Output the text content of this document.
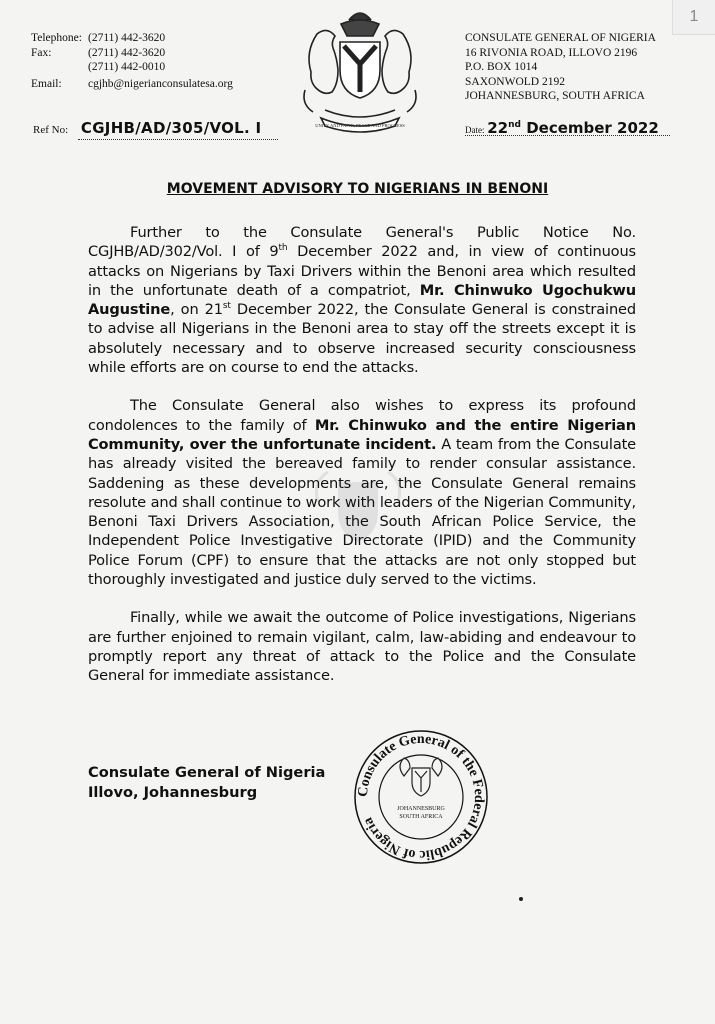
1
Telephone: (2711) 442-3620
Fax:	(2711) 442-3620
(2711) 442-0010
Email:	cgjhb@nigerianconsulatesa.org
UNITY AND FAITH, PEACE AND PROGRESS
CONSULATE GENERAL OF NIGERIA
16 RIVONIA ROAD, ILLOVO 2196
P.O. BOX 1014
SAXONWOLD 2192
JOHANNESBURG, SOUTH AFRICA
Ref No: CGJHB/AD/305/VOL. I	Date: 22nd December 2022
MOVEMENT ADVISORY TO NIGERIANS IN BENONI

Further to the Consulate General's Public Notice No. CGJHB/AD/302/Vol. I of 9th December 2022 and, in view of continuous attacks on Nigerians by Taxi Drivers within the Benoni area which resulted in the unfortunate death of a compatriot, Mr. Chinwuko Ugochukwu Augustine, on 21st December 2022, the Consulate General is constrained to advise all Nigerians in the Benoni area to stay off the streets except it is absolutely necessary and to observe increased security consciousness while efforts are on course to end the attacks.

The Consulate General also wishes to express its profound condolences to the family of Mr. Chinwuko and the entire Nigerian Community, over the unfortunate incident. A team from the Consulate has already visited the bereaved family to render consular assistance. Saddening as these developments are, the Consulate General remains resolute and shall continue to work with leaders of the Nigerian Community, Benoni Taxi Drivers Association, the South African Police Service, the Independent Police Investigative Directorate (IPID) and the Community Police Forum (CPF) to ensure that the attacks are not only stopped but thoroughly investigated and justice duly served to the victims.

Finally, while we await the outcome of Police investigations, Nigerians are further enjoined to remain vigilant, calm, law-abiding and endeavour to promptly report any threat of attack to the Police and the Consulate General for immediate assistance.

Consulate General of Nigeria
Illovo, Johannesburg	Consulate General of the Federal Republic of Nigeria
JOHANNESBURG
SOUTH AFRICA
